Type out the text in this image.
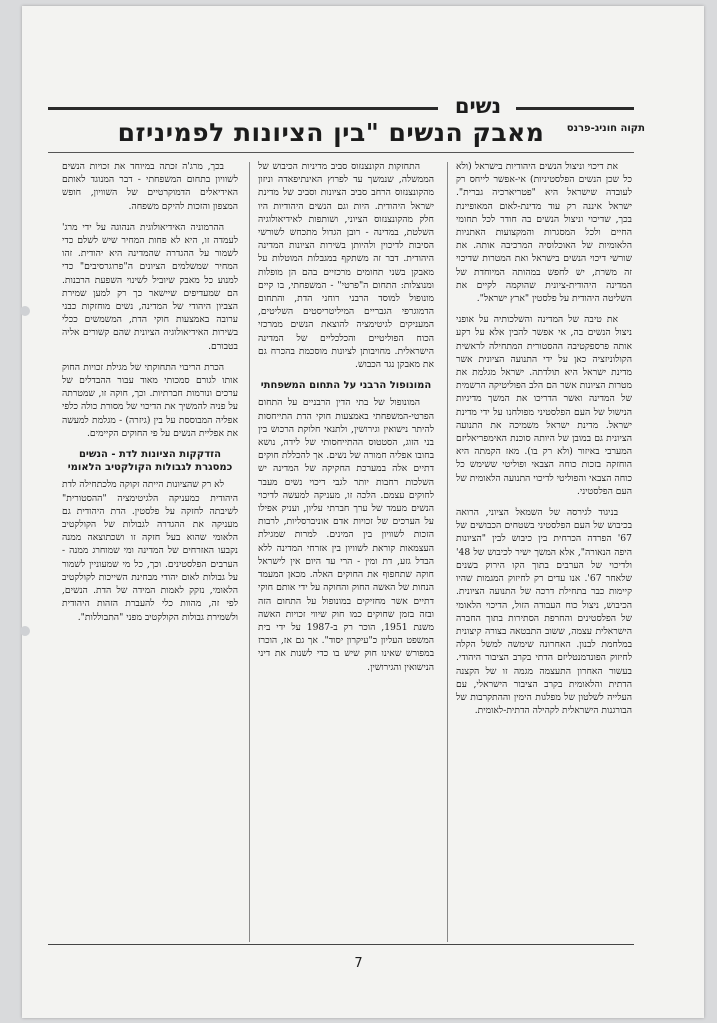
נשים
תקוה חוניג-פרנס
מאבק הנשים "בין הציונות לפמיניזם

את דיכוי וניצול הנשים היהודיות בישראל (ולא כל שכן הנשים הפלסטיניות) אי-אפשר לייחס רק לעובדה שישראל היא "פטריארכיה גברית". ישראל איננה רק עוד מדינת-לאום המאופיינת בכך, שדיכוי וניצול הנשים בה חודר לכל תחומי החיים ולכל המסגרות והמקצועות האתניות הלאומיות של האוכלוסיה המרכיבה אותה. את שורשי דיכוי הנשים בישראל ואת המטרות שדיכוי זה משרת, יש לחפש במהותה המיוחדת של המדינה היהודית-ציונית שהוקמה לקיים את השליטה היהודית על פלסטין "ארץ ישראל".

את טיבה של המדינה והשלכותיה על אופני ניצול הנשים בה, אי אפשר להבין אלא על רקע אותה פרספקטיבה ההסטורית המתחילה לראשית הקולוניזציה כאן על ידי התנועה הציונית אשר מדינת ישראל היא תולדתה. ישראל מגלמת את מטרות הציונות אשר הם הלב הפוליטיקה הרשמית של המדינה ואשר הדריכו את המשך מדיניות הנישול של העם הפלסטיני מפולחנו על ידי מדינת ישראל. מדינת ישראל משמיכה את התנועה הציונית גם במובן של היותה סוכנת האימפריאליזם המערבי באיזור (ולא רק בו). מאז הקמתה היא הוחזקה בזכות כוחה הצבאי ופוליטי ששימש כל כוחה הצבאי והפוליטי לדיכוי התנועה הלאומית של העם הפלסטיני.

בניגוד לגירסה של השמאל הציוני, הרואה בכיבוש של העם הפלסטיני בשטחים הכבושים של 67' הפרדה הכרחית בין כיבוש לבין "הציונות היפה הנאורה", אלא המשך ישיר לכיבוש של 48' ולדיכוי של הערבים בתוך הקו הירוק בשנים שלאחר 67'. אנו עדים רק לחיזוק המגמות שהיו קיימות כבר בתחילת דרכה של התנועה הציונית. הכיבוש, ניצול כוח העבודה הזול, הדיכוי הלאומי של הפלסטינים והחרפת הסתירות בתוך החברה הישראלית עצמה, ששוב התבטאה בצורה קיצונית במלחמת לבנון. האחרונה שימשה למשל הקלה לחיזוק הפונדמנטליזם הדתי בקרב הציבור היהודי. בעשור האחרון התעצמה מגמה זו של הקצנה הדתית והלאומית בקרב הציבור הישראלי, עם העלייה לשלטון של מפלגות הימין וההתקרבות של הבורגנות הישראלית לקהילה הדתית-לאומית.

התחזקות הקונצנזוס סביב מדיניות הכיבוש של הממשלה, שנמשך עד לפרוץ האינתיפאדה וניזון מהקונצנזוס הרחב סביב הציונות וסביב של מדינת ישראל היהודית. היות וגם הנשים היהודיות היו חלק מהקונצנזוס הציוני, ושותפות לאידיאולוגיה השלטת, במדינה - רובן הגדול מתכחש לשורשי הסיבות לדיכוין ולהיותן בשירות הציונות המדינה היהודית. דבר זה משתקף במגבלות המוטלות על מאבקן בשני תחומים מרכזיים בהם הן מופלות ומנוצלות: התחום ה"פרטי" - המשפחתי, בו קיים מונופול למוסד הרבני רוחני הדת, והתחום הדמוגרפי הגבריים המיליטריסטים השליטים, המעניקים לגיטימציה להוצאת הנשים ממרכזי הכוח הפוליטיים והכלכליים של המדינה הישראלית. מחויבותן לציונות מוסכמת בהכרח גם את מאבקן נגד הכבוש.

המונופול הרבני על התחום המשפחתי

המונופול של בתי הדין הרבניים על התחום הפרטי-המשפחתי באמצעות חוקי הדת התייחסות להיתר נישואין וגירושין, ולתנאי חלוקת הרכוש בין בני הזוג, הסטטוס ההתייחסותי של לידה, נושא בחובו אפליה חמורה של נשים. אך להכללת חוקים דתיים אלה במערכת החקיקה של המדינה יש השלכות רחבות יותר לגבי דיכוי נשים מעבר לחוקים עצמם. הלכה זו, מעניקה למעשה לדיכוי הנשים מעמד של ערך חברתי עליון, ועניק אפילו על הערכים של זכויות אדם אוניברסליות, לרבות הזכות לשוויון בין המינים. למרות שמגילת העצמאות קוראת לשוויון בין אזרחי המדינה ללא הבדל גזע, דת ומין - הרי עד היום אין לישראל חוקה שתחפוף את החוקים האלה. מכאן המעמד הנחות של האשה החוק והחוקה על ידי אותם חוקי דתיים אשר מחזיקים במונופול על התחום הזה ובזה בזמן שחוקים כמו חוק שיווי זכויות האשה משנת 1951, הוכר רק ב-1987 על ידי בית המשפט העליון כ"עיקרון יסוד". אך גם אז, הוכרז במפורש שאינו חוק שיש בו כדי לשנות את דיני הנישואין והגירושין.

בכך, מרג'ה זכתה במיוחד את זכויות הנשים לשוויון בתחום המשפחתי - דבר המנוגד לאותם האידיאלים הדמוקרטיים של השוויון, חופש המצפון והזכות להיקם משפחה.

ההרמוניה האידיאולוגית הנהוגה על ידי מרג' לעמדה זו, היא לא פחות המחיר שיש לשלם כדי לשמור על ההגדרה שהמדינה היא יהודית. זהו המחיר שמשלמים הציונים ה"פרוגרסיבים" כדי למנוע כל מאבק שיוביל לשינוי השפעת הרבנות. הם שמעדיפים שיישאר כך רק למען שמירת הצביון היהודי של המדינה, נשים מוחזקות כבני ערובה באמצעות חוקי הדת, המשמשים ככלי בשירות האידיאולוגיה הציונית שהם קשורים אליה בטבורם.

הכרת הריבוי התחוקתי של מגילת זכויות החוק אותו לגורם סמכותי מאוד עבור ההבדלים של ערכים ונורמות חברתיות. וכך, חוקה זו, שמטרתה על פניה להמשיך את הדיכוי של מסורת כולה כלפי אפליה המבוססת על בין (גיזרה) - מגלמת למעשה את אפליית הנשים על פי החוקים הקיימים.

הזדקקות הציונות לדת - הנשים כמסגרת לגבולות הקולקטיב הלאומי

לא רק שהציונות הייתה זקוקה מלכתחילה לדת היהודית כמעניקה הלגיטימציה "ההסטורית" לשיבתה לחזקה על פלסטין. הדת היהודית גם מעניקה את ההגדרה לגבולות של הקולקטיב הלאומי שהוא בעל חזקה זו ושכתוצאה ממנה נקבעו האזרחים של המדינה ומי שמוחרג ממנה - הערבים הפלסטינים. וכך, כל מי שמעוניין לשמור על גבולות לאום יהודי מבחינת השייכות לקולקטיב הלאומי, נזקק לאמות המידה של הדת. הנשים, לפי זה, מהוות כלי להעברת הזהות היהודית ולשמירת גבולות הקולקטיב מפני "התבוללות".

7
